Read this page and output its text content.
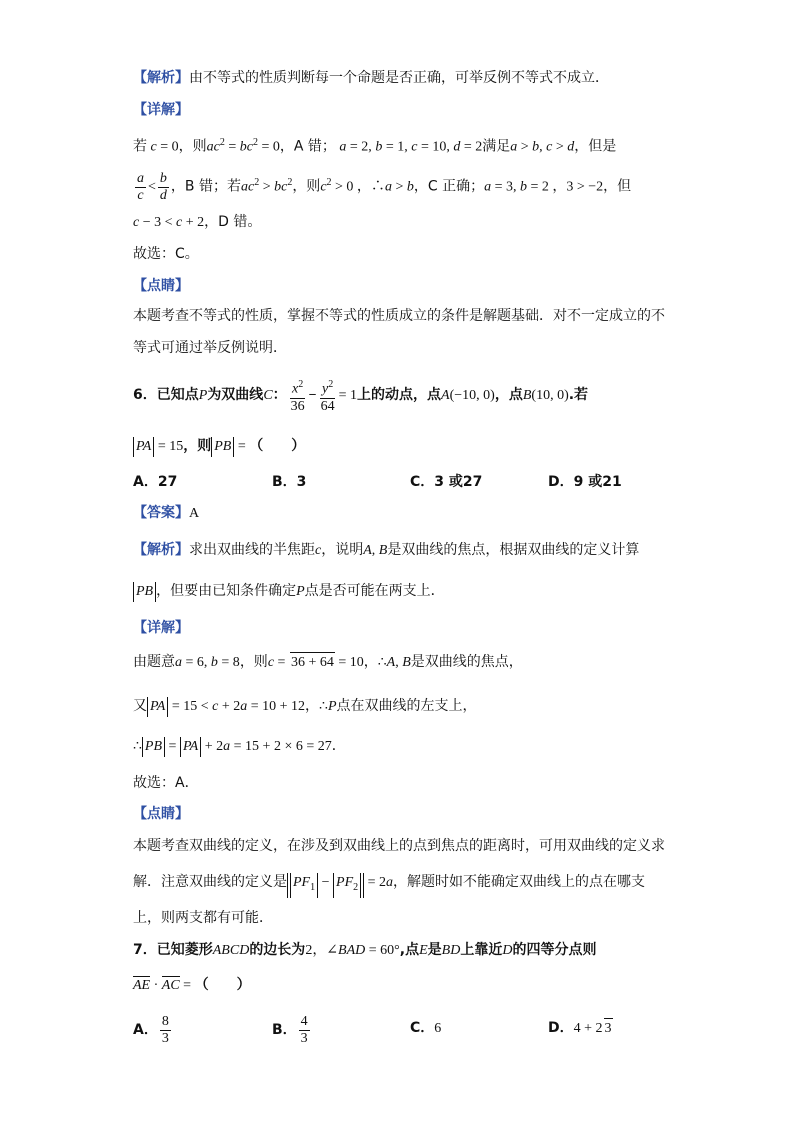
【解析】由不等式的性质判断每一个命题是否正确，可举反例不等式不成立．
【详解】
若 c = 0，则$ac^2 = bc^2 = 0$，A 错； a = 2, b = 1, c = 10, d = 2满足a > b, c > d，但是
$\frac{a}{c} < \frac{b}{d}$ ，B 错；若$ac^2 > bc^2$，则$c^2 > 0$ ，∴a > b，C 正确；a = 3, b = 2 ，3 > −2，但
c − 3 < c + 2，D 错。
故选：C。
【点睛】
本题考查不等式的性质，掌握不等式的性质成立的条件是解题基础．对不一定成立的不
等式可通过举反例说明．
6．已知点P为双曲线C： $\frac{x^2}{36} - \frac{y^2}{64} = 1$上的动点，点A(−10, 0)，点B(10, 0).若
PA = 15，则 PB = （　　）
A．27	B．3	C．3 或27	D．9 或21
【答案】A
【解析】求出双曲线的半焦距c，说明A, B是双曲线的焦点，根据双曲线的定义计算
PB ，但要由已知条件确定P点是否可能在两支上．
【详解】
由题意a = 6, b = 8，则c = 36 + 64 = 10，∴A, B是双曲线的焦点，
又 PA = 15 < c + 2a = 10 + 12，∴P点在双曲线的左支上，
∴ PB = PA + 2a = 15 + 2 × 6 = 27．
故选：A．
【点睛】
本题考查双曲线的定义，在涉及到双曲线上的点到焦点的距离时，可用双曲线的定义求
解．注意双曲线的定义是 $PF_1 - PF_2 = 2a$，解题时如不能确定双曲线上的点在哪支
上，则两支都有可能．
7．已知菱形ABCD的边长为2，∠BAD = 60°,点E是BD上靠近D的四等分点则
AE · AC = （　　）
A． $\frac{8}{3}$	B． $\frac{4}{3}$	C．6	D．4 + 2 3
